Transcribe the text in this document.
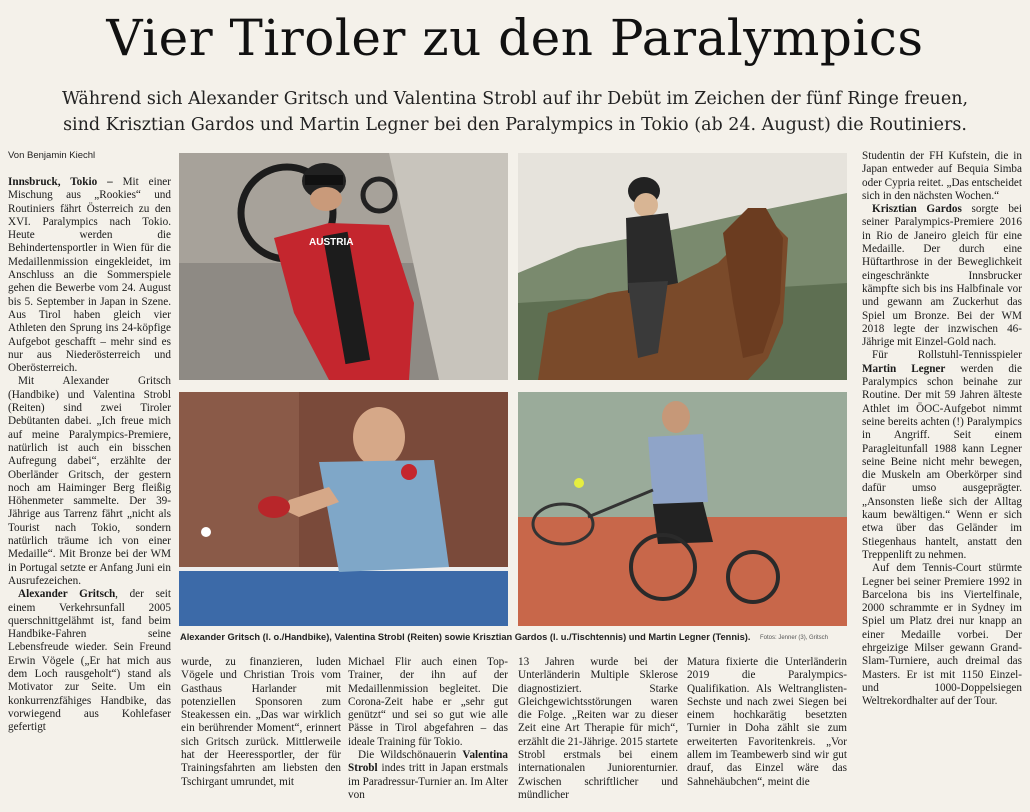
Vier Tiroler zu den Paralympics
Während sich Alexander Gritsch und Valentina Strobl auf ihr Debüt im Zeichen der fünf Ringe freuen,
sind Krisztian Gardos und Martin Legner bei den Paralympics in Tokio (ab 24. August) die Routiniers.
Von Benjamin Kiechl

Innsbruck, Tokio – Mit einer Mischung aus „Rookies“ und Routiniers fährt Österreich zu den XVI. Paralympics nach Tokio. Heute werden die Behindertensportler in Wien für die Medaillenmission eingekleidet, im Anschluss an die Sommerspiele gehen die Bewerbe vom 24. August bis 5. September in Japan in Szene. Aus Tirol haben gleich vier Athleten den Sprung ins 24-köpfige Aufgebot geschafft – mehr sind es nur aus Niederösterreich und Oberösterreich.

Mit Alexander Gritsch (Handbike) und Valentina Strobl (Reiten) sind zwei Tiroler Debütanten dabei. „Ich freue mich auf meine Paralympics-Premiere, natürlich ist auch ein bisschen Aufregung dabei“, erzählte der Oberländer Gritsch, der gestern noch am Haiminger Berg fleißig Höhenmeter sammelte. Der 39-Jährige aus Tarrenz fährt „nicht als Tourist nach Tokio, sondern natürlich träume ich von einer Medaille“. Mit Bronze bei der WM in Portugal setzte er Anfang Juni ein Ausrufezeichen.

Alexander Gritsch, der seit einem Verkehrsunfall 2005 querschnittgelähmt ist, fand beim Handbike-Fahren seine Lebensfreude wieder. Sein Freund Erwin Vögele („Er hat mich aus dem Loch rausgeholt“) stand als Motivator zur Seite. Um ein konkurrenzfähiges Handbike, das vorwiegend aus Kohlefaser gefertigt

AUSTRIA
Alexander Gritsch (l. o./Handbike), Valentina Strobl (Reiten) sowie Krisztian Gardos (l. u./Tischtennis) und Martin Legner (Tennis). Fotos: Jenner (3), Gritsch

wurde, zu finanzieren, luden Vögele und Christian Trois vom Gasthaus Harlander mit potenziellen Sponsoren zum Steakessen ein. „Das war wirklich ein berührender Moment“, erinnert sich Gritsch zurück. Mittlerweile hat der Heeressportler, der für Trainingsfahrten am liebsten den Tschirgant umrundet, mit

Michael Flir auch einen Top-Trainer, der ihn auf der Medaillenmission begleitet. Die Corona-Zeit habe er „sehr gut genützt“ und sei so gut wie alle Pässe in Tirol abgefahren – das ideale Training für Tokio.

Die Wildschönauerin Valentina Strobl indes tritt in Japan erstmals im Paradressur-Turnier an. Im Alter von

13 Jahren wurde bei der Unterländerin Multiple Sklerose diagnostiziert. Starke Gleichgewichtsstörungen waren die Folge. „Reiten war zu dieser Zeit eine Art Therapie für mich“, erzählt die 21-Jährige. 2015 startete Strobl erstmals bei einem internationalen Juniorenturnier. Zwischen schriftlicher und mündlicher

Matura fixierte die Unterländerin 2019 die Paralympics-Qualifikation. Als Weltranglisten-Sechste und nach zwei Siegen bei einem hochkarätig besetzten Turnier in Doha zählt sie zum erweiterten Favoritenkreis. „Vor allem im Teambewerb sind wir gut drauf, das Einzel wäre das Sahnehäubchen“, meint die

Studentin der FH Kufstein, die in Japan entweder auf Bequia Simba oder Cypria reitet. „Das entscheidet sich in den nächsten Wochen.“

Krisztian Gardos sorgte bei seiner Paralympics-Premiere 2016 in Rio de Janeiro gleich für eine Medaille. Der durch eine Hüftarthrose in der Beweglichkeit eingeschränkte Innsbrucker kämpfte sich bis ins Halbfinale vor und gewann am Zuckerhut das Spiel um Bronze. Bei der WM 2018 legte der inzwischen 46-Jährige mit Einzel-Gold nach.

Für Rollstuhl-Tennisspieler Martin Legner werden die Paralympics schon beinahe zur Routine. Der mit 59 Jahren älteste Athlet im ÖOC-Aufgebot nimmt seine bereits achten (!) Paralympics in Angriff. Seit einem Paragleitunfall 1988 kann Legner seine Beine nicht mehr bewegen, die Muskeln am Oberkörper sind dafür umso ausgeprägter. „Ansonsten ließe sich der Alltag kaum bewältigen.“ Wenn er sich etwa über das Geländer im Stiegenhaus hantelt, anstatt den Treppenlift zu nehmen.

Auf dem Tennis-Court stürmte Legner bei seiner Premiere 1992 in Barcelona bis ins Viertelfinale, 2000 schrammte er in Sydney im Spiel um Platz drei nur knapp an einer Medaille vorbei. Der ehrgeizige Milser gewann Grand-Slam-Turniere, auch dreimal das Masters. Er ist mit 1150 Einzel- und 1000-Doppelsiegen Weltrekordhalter auf der Tour.
